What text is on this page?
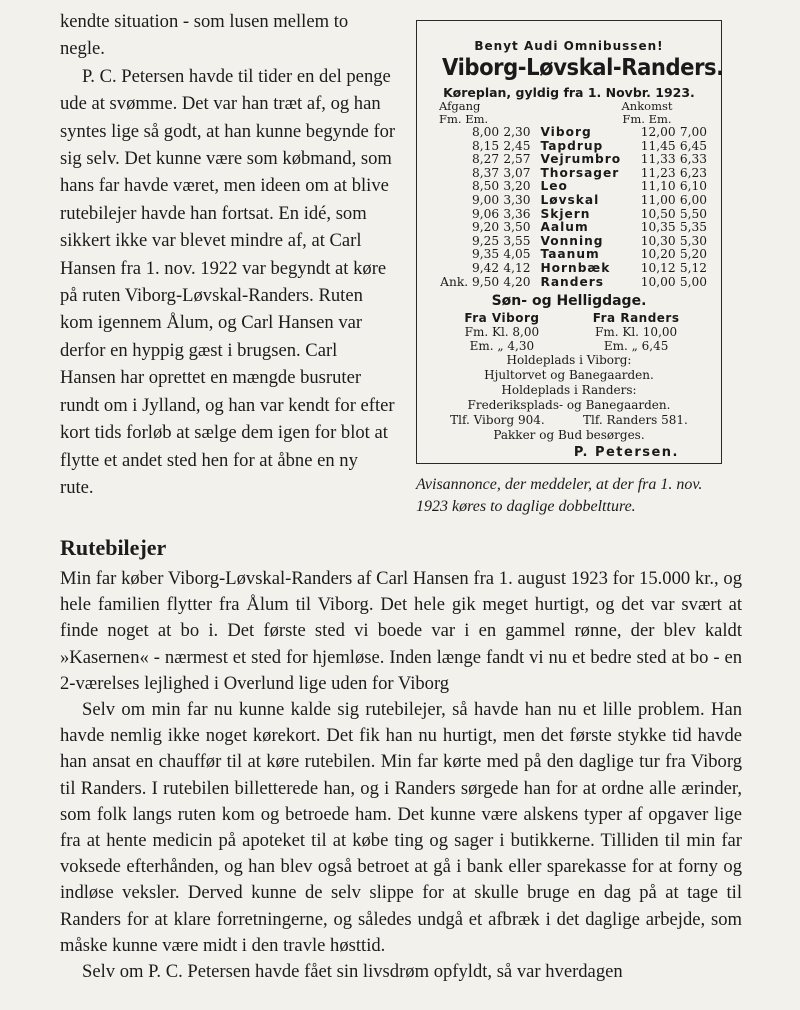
kendte situation - som lusen mellem to negle.

P. C. Petersen havde til tider en del penge ude at svømme. Det var han træt af, og han syntes lige så godt, at han kunne begynde for sig selv. Det kunne være som købmand, som hans far havde været, men ideen om at blive rutebilejer havde han fortsat. En idé, som sikkert ikke var blevet mindre af, at Carl Hansen fra 1. nov. 1922 var begyndt at køre på ruten Viborg-Løvskal-Randers. Ruten kom igennem Ålum, og Carl Hansen var derfor en hyppig gæst i brugsen. Carl Hansen har oprettet en mængde busruter rundt om i Jylland, og han var kendt for efter kort tids forløb at sælge dem igen for blot at flytte et andet sted hen for at åbne en ny rute.

Benyt Audi Omnibussen!
Viborg-Løvskal-Randers.
Køreplan, gyldig fra 1. Novbr. 1923.
Afgang	Ankomst
Fm. Em.	Fm. Em.
8,00	2,30	Viborg	12,00	7,00
8,15	2,45	Tapdrup	11,45	6,45
8,27	2,57	Vejrumbro	11,33	6,33
8,37	3,07	Thorsager	11,23	6,23
8,50	3,20	Leo	11,10	6,10
9,00	3,30	Løvskal	11,00	6,00
9,06	3,36	Skjern	10,50	5,50
9,20	3,50	Aalum	10,35	5,35
9,25	3,55	Vonning	10,30	5,30
9,35	4,05	Taanum	10,20	5,20
9,42	4,12	Hornbæk	10,12	5,12
Ank. 9,50	4,20	Randers	10,00	5,00
Søn- og Helligdage.
Fra Viborg
Fm. Kl. 8,00
Em. „ 4,30
Fra Randers
Fm. Kl. 10,00
Em. „ 6,45
Holdeplads i Viborg:
Hjultorvet og Banegaarden.
Holdeplads i Randers:
Frederiksplads- og Banegaarden.
Tlf. Viborg 904.	Tlf. Randers 581.
Pakker og Bud besørges.
P. Petersen.
Avisannonce, der meddeler, at der fra 1. nov. 1923 køres to daglige dobbeltture.
Rutebilejer

Min far køber Viborg-Løvskal-Randers af Carl Hansen fra 1. august 1923 for 15.000 kr., og hele familien flytter fra Ålum til Viborg. Det hele gik meget hurtigt, og det var svært at finde noget at bo i. Det første sted vi boede var i en gammel rønne, der blev kaldt »Kasernen« - nærmest et sted for hjemløse. Inden længe fandt vi nu et bedre sted at bo - en 2-værelses lejlighed i Overlund lige uden for Viborg

Selv om min far nu kunne kalde sig rutebilejer, så havde han nu et lille problem. Han havde nemlig ikke noget kørekort. Det fik han nu hurtigt, men det første stykke tid havde han ansat en chauffør til at køre rutebilen. Min far kørte med på den daglige tur fra Viborg til Randers. I rutebilen billetterede han, og i Randers sørgede han for at ordne alle ærinder, som folk langs ruten kom og betroede ham. Det kunne være alskens typer af opgaver lige fra at hente medicin på apoteket til at købe ting og sager i butikkerne. Tilliden til min far voksede efterhånden, og han blev også betroet at gå i bank eller sparekasse for at forny og indløse veksler. Derved kunne de selv slippe for at skulle bruge en dag på at tage til Randers for at klare forretningerne, og således undgå et afbræk i det daglige arbejde, som måske kunne være midt i den travle høsttid.

Selv om P. C. Petersen havde fået sin livsdrøm opfyldt, så var hverdagen
